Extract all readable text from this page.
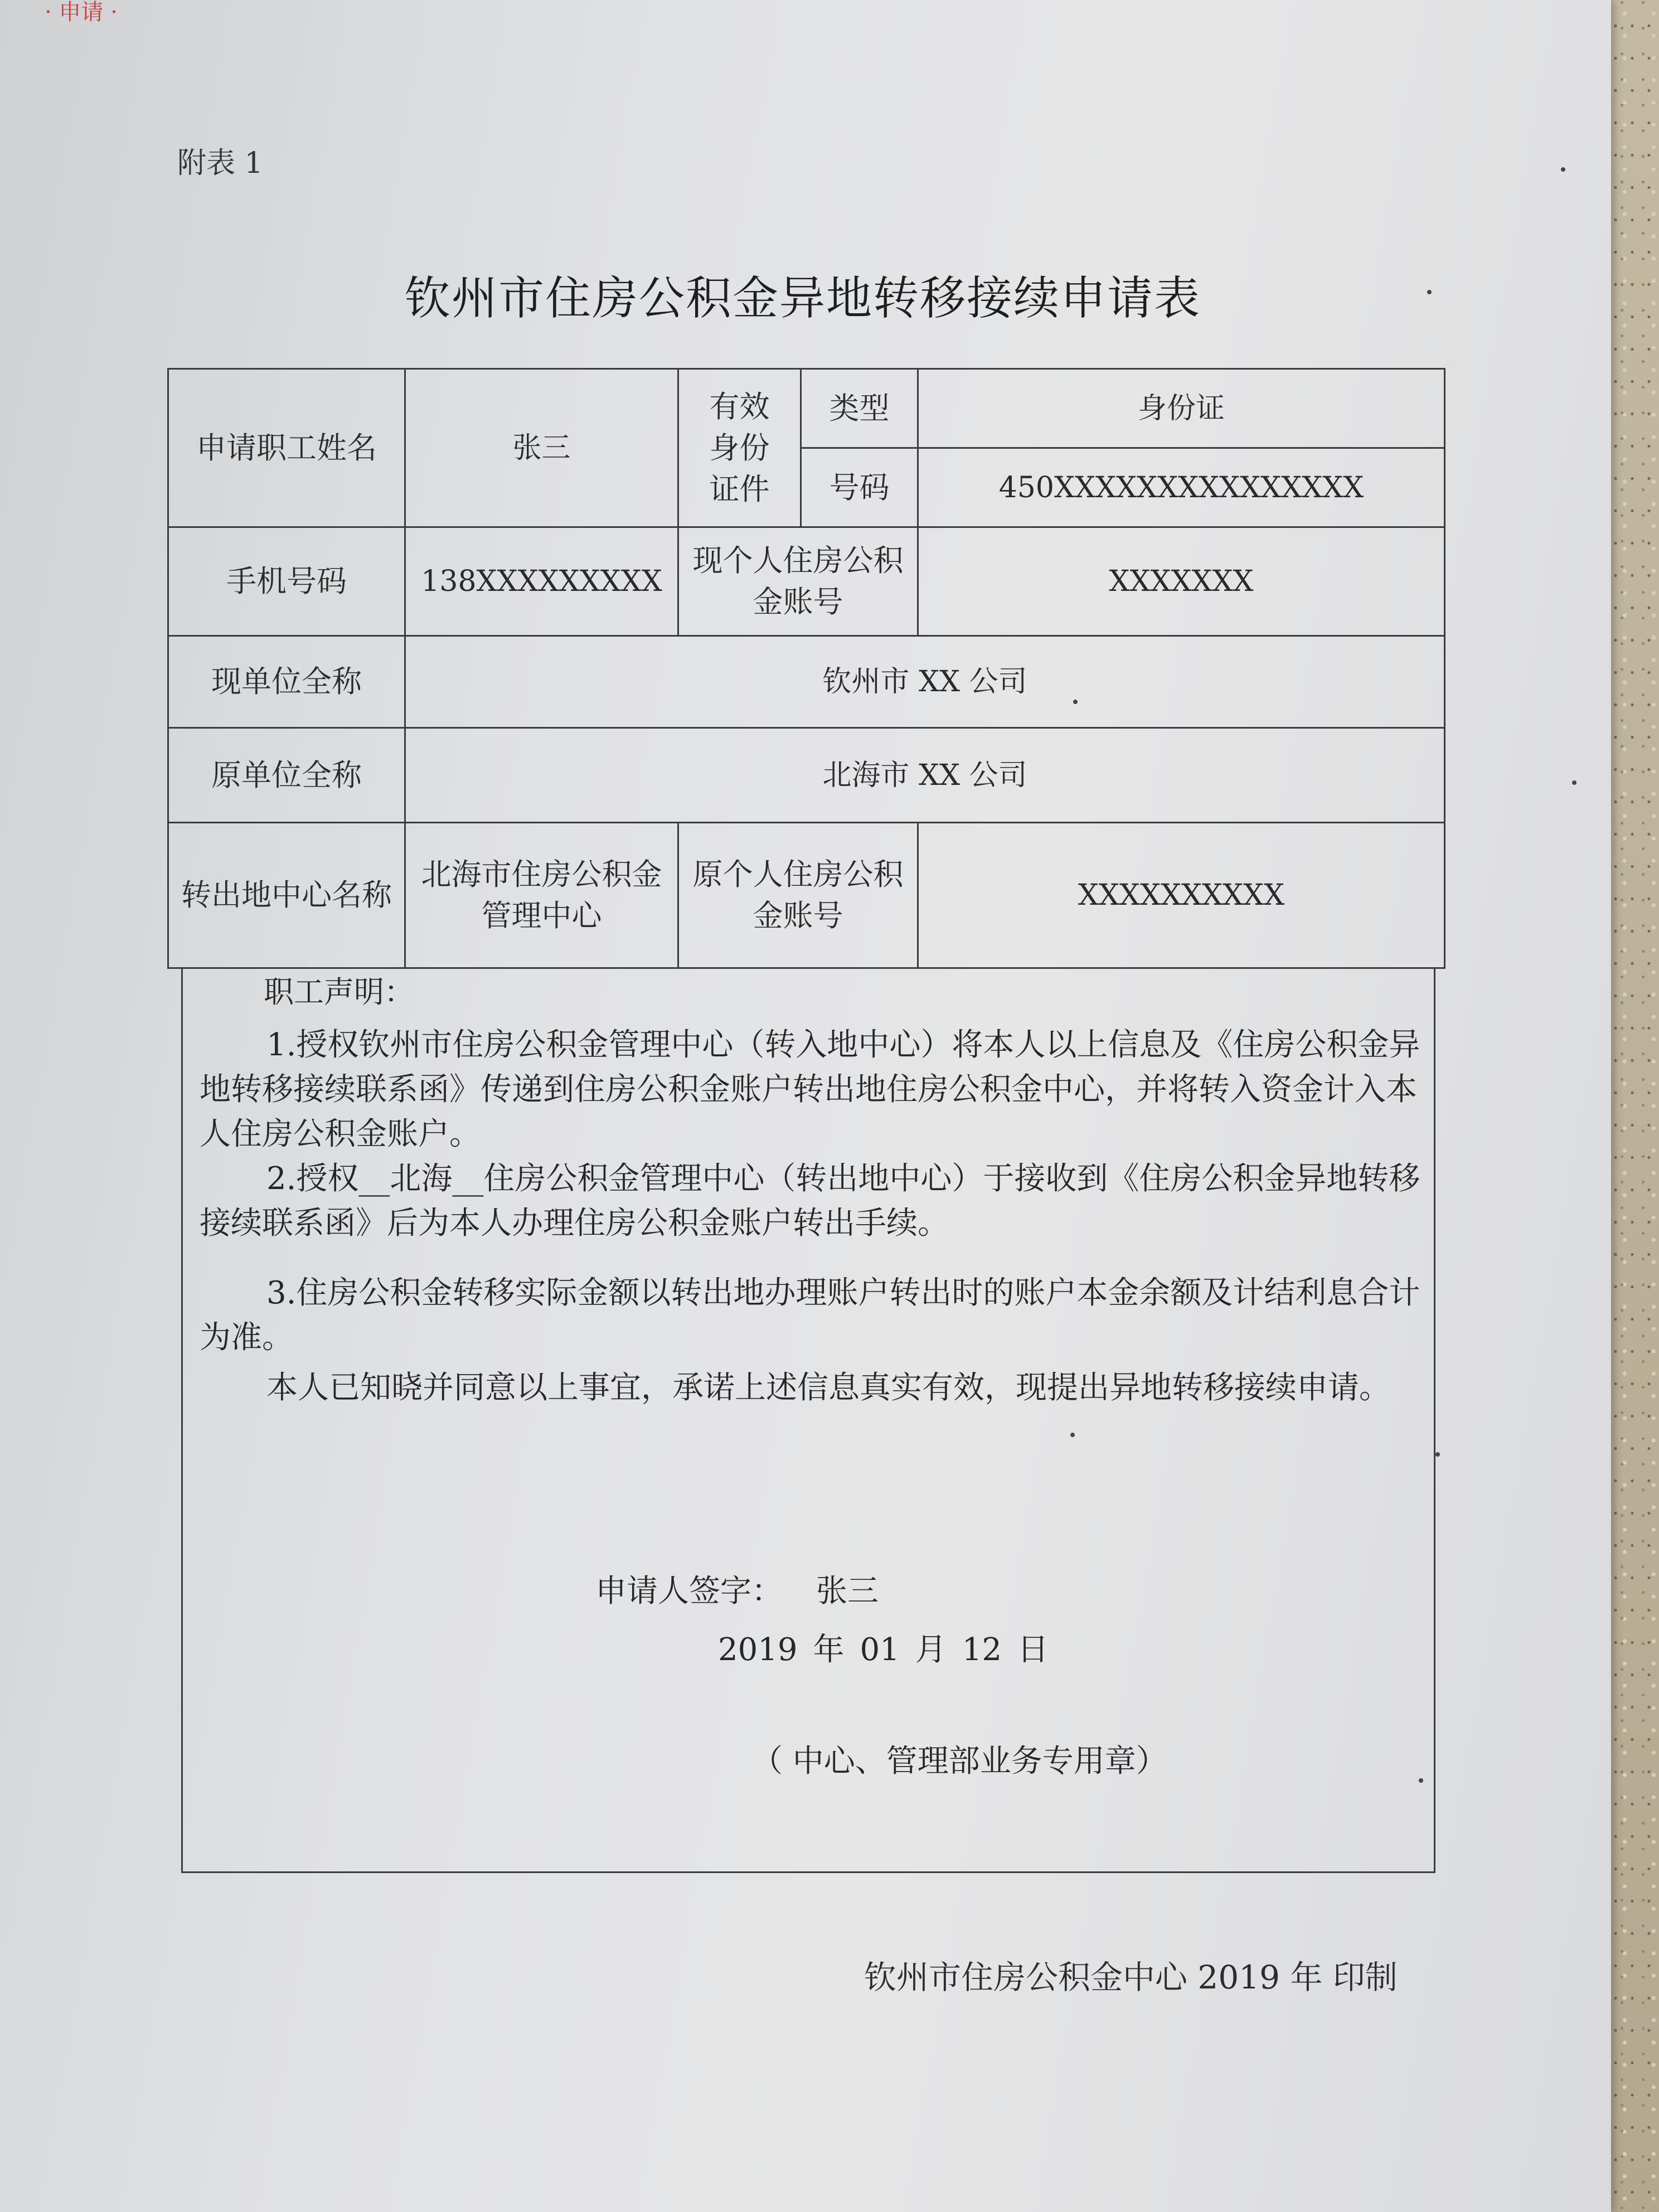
· 申请 ·
附表 1
钦州市住房公积金异地转移接续申请表
申请职工姓名	张三	有效身份证件	类型	身份证
			号码	450XXXXXXXXXXXXXXX
手机号码	138XXXXXXXXX	现个人住房公积金账号		XXXXXXX
现单位全称	钦州市 XX 公司			
原单位全称	北海市 XX 公司			
转出地中心名称	北海市住房公积金管理中心	原个人住房公积金账号		XXXXXXXXXX
职工声明：
1.授权钦州市住房公积金管理中心（转入地中心）将本人以上信息及《住房公积金异地转移接续联系函》传递到住房公积金账户转出地住房公积金中心，并将转入资金计入本人住房公积金账户。
2.授权__北海__住房公积金管理中心（转出地中心）于接收到《住房公积金异地转移接续联系函》后为本人办理住房公积金账户转出手续。
3.住房公积金转移实际金额以转出地办理账户转出时的账户本金余额及计结利息合计为准。
本人已知晓并同意以上事宜，承诺上述信息真实有效，现提出异地转移接续申请。
申请人签字： 张三
2019 年 01 月 12 日
（ 中心、管理部业务专用章）
钦州市住房公积金中心 2019 年 印制
